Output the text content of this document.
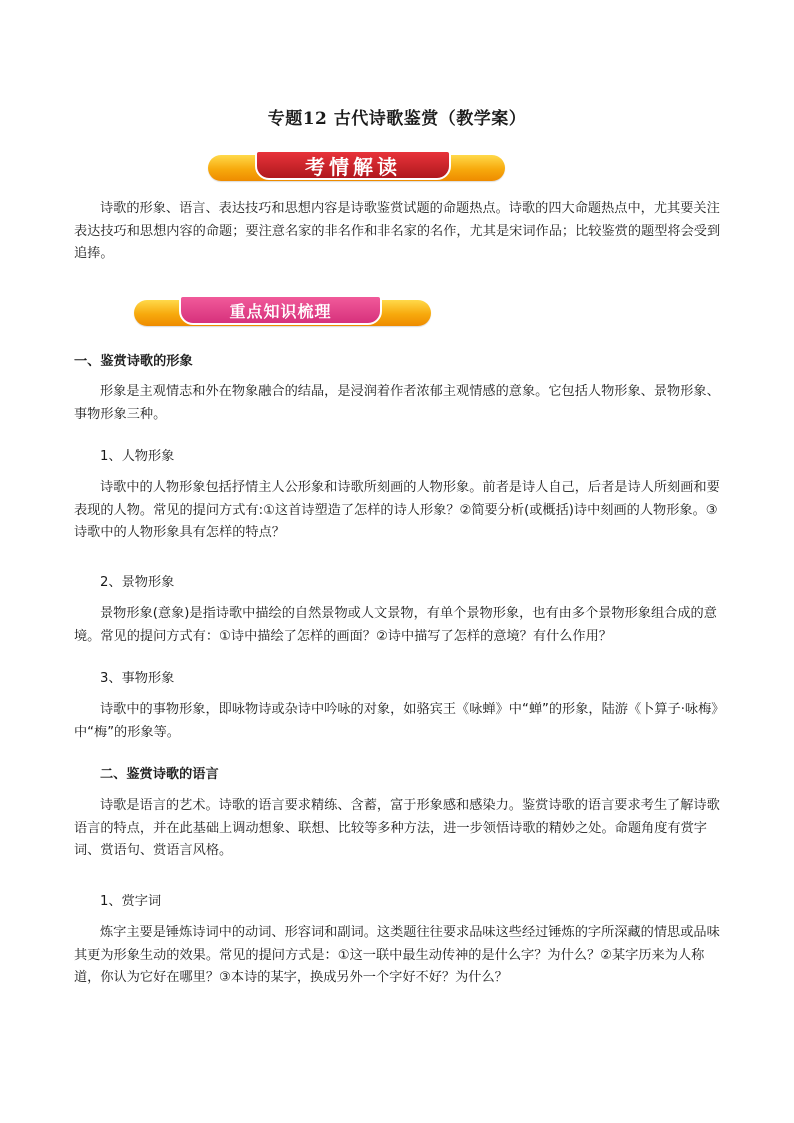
专题12 古代诗歌鉴赏（教学案）
考情解读
诗歌的形象、语言、表达技巧和思想内容是诗歌鉴赏试题的命题热点。诗歌的四大命题热点中，尤其要关注表达技巧和思想内容的命题；要注意名家的非名作和非名家的名作，尤其是宋词作品；比较鉴赏的题型将会受到追捧。
重点知识梳理
一、鉴赏诗歌的形象
形象是主观情志和外在物象融合的结晶，是浸润着作者浓郁主观情感的意象。它包括人物形象、景物形象、事物形象三种。
1、人物形象
诗歌中的人物形象包括抒情主人公形象和诗歌所刻画的人物形象。前者是诗人自己，后者是诗人所刻画和要表现的人物。常见的提问方式有:①这首诗塑造了怎样的诗人形象？②简要分析(或概括)诗中刻画的人物形象。③诗歌中的人物形象具有怎样的特点？
2、景物形象
景物形象(意象)是指诗歌中描绘的自然景物或人文景物，有单个景物形象，也有由多个景物形象组合成的意境。常见的提问方式有：①诗中描绘了怎样的画面？②诗中描写了怎样的意境？有什么作用？
3、事物形象
诗歌中的事物形象，即咏物诗或杂诗中吟咏的对象，如骆宾王《咏蝉》中“蝉”的形象，陆游《卜算子·咏梅》中“梅”的形象等。
二、鉴赏诗歌的语言
诗歌是语言的艺术。诗歌的语言要求精练、含蓄，富于形象感和感染力。鉴赏诗歌的语言要求考生了解诗歌语言的特点，并在此基础上调动想象、联想、比较等多种方法，进一步领悟诗歌的精妙之处。命题角度有赏字词、赏语句、赏语言风格。
1、赏字词
炼字主要是锤炼诗词中的动词、形容词和副词。这类题往往要求品味这些经过锤炼的字所深藏的情思或品味其更为形象生动的效果。常见的提问方式是：①这一联中最生动传神的是什么字？为什么？②某字历来为人称道，你认为它好在哪里？③本诗的某字，换成另外一个字好不好？为什么？
